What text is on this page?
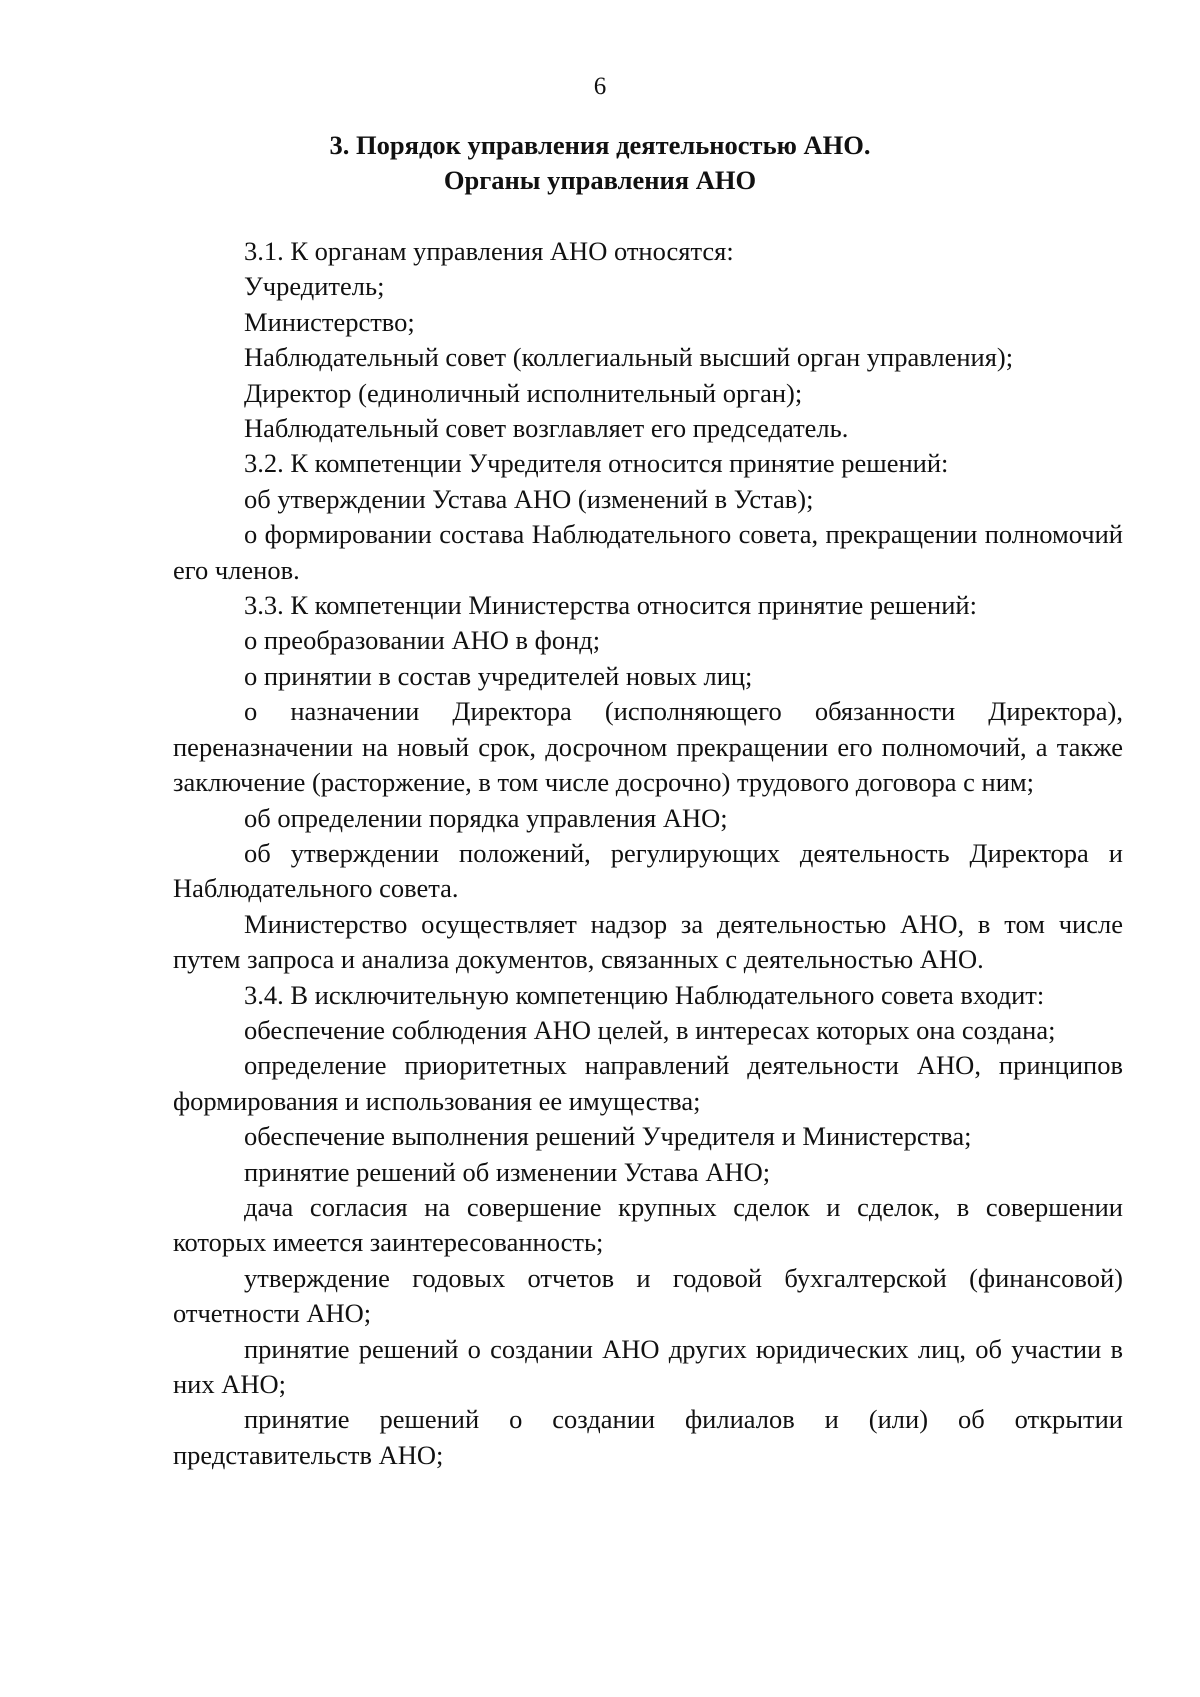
6
3. Порядок управления деятельностью АНО.
Органы управления АНО

3.1. К органам управления АНО относятся:

Учредитель;

Министерство;

Наблюдательный совет (коллегиальный высший орган управления);

Директор (единоличный исполнительный орган);

Наблюдательный совет возглавляет его председатель.

3.2. К компетенции Учредителя относится принятие решений:

об утверждении Устава АНО (изменений в Устав);

о формировании состава Наблюдательного совета, прекращении полномочий его членов.

3.3. К компетенции Министерства относится принятие решений:

о преобразовании АНО в фонд;

о принятии в состав учредителей новых лиц;

о назначении Директора (исполняющего обязанности Директора), переназначении на новый срок, досрочном прекращении его полномочий, а также заключение (расторжение, в том числе досрочно) трудового договора с ним;

об определении порядка управления АНО;

об утверждении положений, регулирующих деятельность Директора и Наблюдательного совета.

Министерство осуществляет надзор за деятельностью АНО, в том числе путем запроса и анализа документов, связанных с деятельностью АНО.

3.4. В исключительную компетенцию Наблюдательного совета входит:

обеспечение соблюдения АНО целей, в интересах которых она создана;

определение приоритетных направлений деятельности АНО, принципов формирования и использования ее имущества;

обеспечение выполнения решений Учредителя и Министерства;

принятие решений об изменении Устава АНО;

дача согласия на совершение крупных сделок и сделок, в совершении которых имеется заинтересованность;

утверждение годовых отчетов и годовой бухгалтерской (финансовой) отчетности АНО;

принятие решений о создании АНО других юридических лиц, об участии в них АНО;

принятие решений о создании филиалов и (или) об открытии представительств АНО;
